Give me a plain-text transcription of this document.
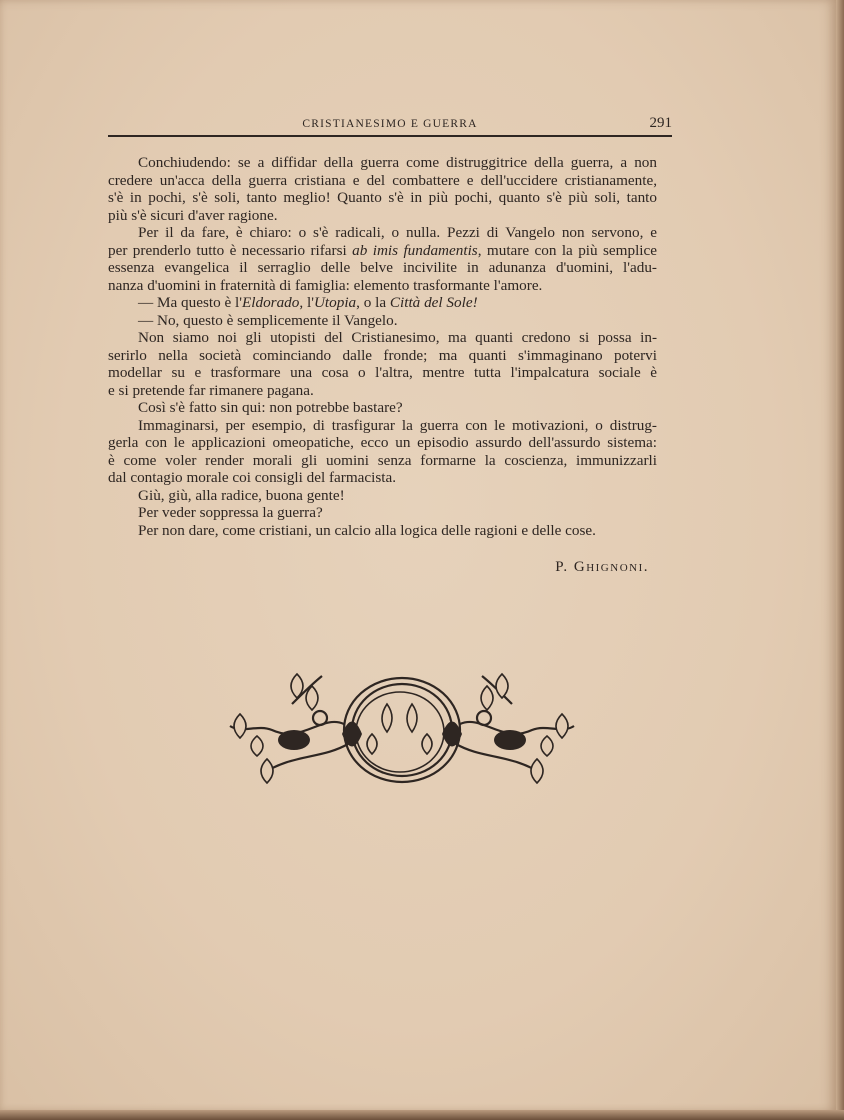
CRISTIANESIMO E GUERRA	291
Conchiudendo: se a diffidar della guerra come distruggitrice della guerra, a non
credere un'acca della guerra cristiana e del combattere e dell'uccidere cristianamente,
s'è in pochi, s'è soli, tanto meglio! Quanto s'è in più pochi, quanto s'è più soli, tanto
più s'è sicuri d'aver ragione.
Per il da fare, è chiaro: o s'è radicali, o nulla. Pezzi di Vangelo non servono, e
per prenderlo tutto è necessario rifarsi ab imis fundamentis, mutare con la più semplice
essenza evangelica il serraglio delle belve incivilite in adunanza d'uomini, l'adu-
nanza d'uomini in fraternità di famiglia: elemento trasformante l'amore.
— Ma questo è l'Eldorado, l'Utopia, o la Città del Sole!
— No, questo è semplicemente il Vangelo.
Non siamo noi gli utopisti del Cristianesimo, ma quanti credono si possa in-
serirlo nella società cominciando dalle fronde; ma quanti s'immaginano potervi
modellar su e trasformare una cosa o l'altra, mentre tutta l'impalcatura sociale è
e si pretende far rimanere pagana.
Così s'è fatto sin qui: non potrebbe bastare?
Immaginarsi, per esempio, di trasfigurar la guerra con le motivazioni, o distrug-
gerla con le applicazioni omeopatiche, ecco un episodio assurdo dell'assurdo sistema:
è come voler render morali gli uomini senza formarne la coscienza, immunizzarli
dal contagio morale coi consigli del farmacista.
Giù, giù, alla radice, buona gente!
Per veder soppressa la guerra?
Per non dare, come cristiani, un calcio alla logica delle ragioni e delle cose.
P. Ghignoni.
